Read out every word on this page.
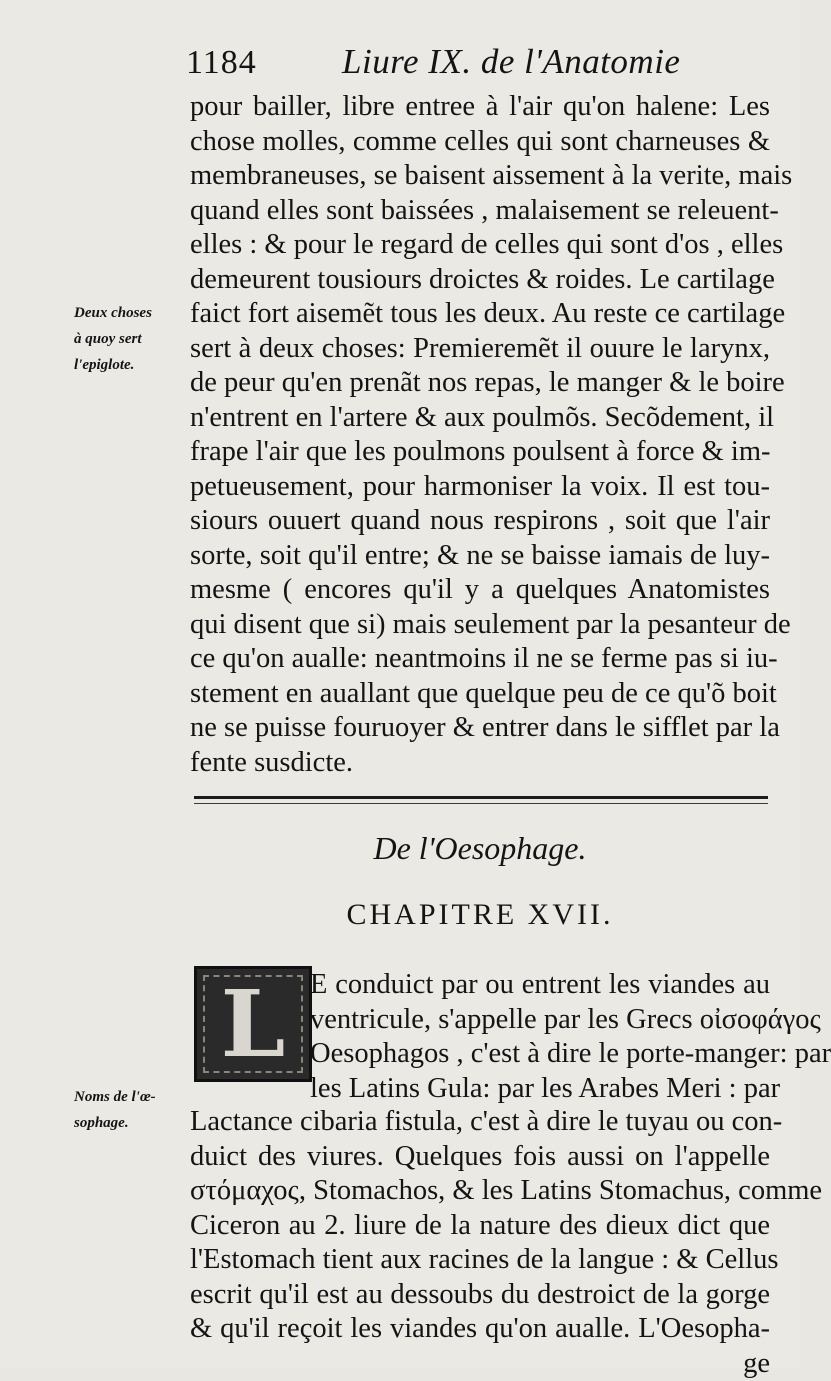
1184 Liure IX. de l'Anatomie
pour bailler, libre entree à l'air qu'on halene: Les
chose molles, comme celles qui sont charneuses &
membraneuses, se baisent aissement à la verite, mais
quand elles sont baissées , malaisement se releuent-
elles : & pour le regard de celles qui sont d'os , elles
demeurent tousiours droictes & roides. Le cartilage
faict fort aisemẽt tous les deux. Au reste ce cartilage
sert à deux choses: Premieremẽt il ouure le larynx,
de peur qu'en prenãt nos repas, le manger & le boire
n'entrent en l'artere & aux poulmõs. Secõdement, il
frape l'air que les poulmons poulsent à force & im-
petueusement, pour harmoniser la voix. Il est tou-
siours ouuert quand nous respirons , soit que l'air
sorte, soit qu'il entre; & ne se baisse iamais de luy-
mesme ( encores qu'il y a quelques Anatomistes
qui disent que si) mais seulement par la pesanteur de
ce qu'on aualle: neantmoins il ne se ferme pas si iu-
stement en auallant que quelque peu de ce qu'õ boit
ne se puisse fouruoyer & entrer dans le sifflet par la
fente susdicte.
Deux choses
à quoy sert
l'epiglote.
De l'Oesophage.
CHAPITRE XVII.
L E conduict par ou entrent les viandes au
ventricule, s'appelle par les Grecs οἰσοφάγος
Oesophagos , c'est à dire le porte-manger: par
les Latins Gula: par les Arabes Meri : par
Lactance cibaria fistula, c'est à dire le tuyau ou con-
duict des viures. Quelques fois aussi on l'appelle
στόμαχος, Stomachos, & les Latins Stomachus, comme
Ciceron au 2. liure de la nature des dieux dict que
l'Estomach tient aux racines de la langue : & Cellus
escrit qu'il est au dessoubs du destroict de la gorge
& qu'il reçoit les viandes qu'on aualle. L'Oesopha-
ge
Noms de l'œ-
sophage.
